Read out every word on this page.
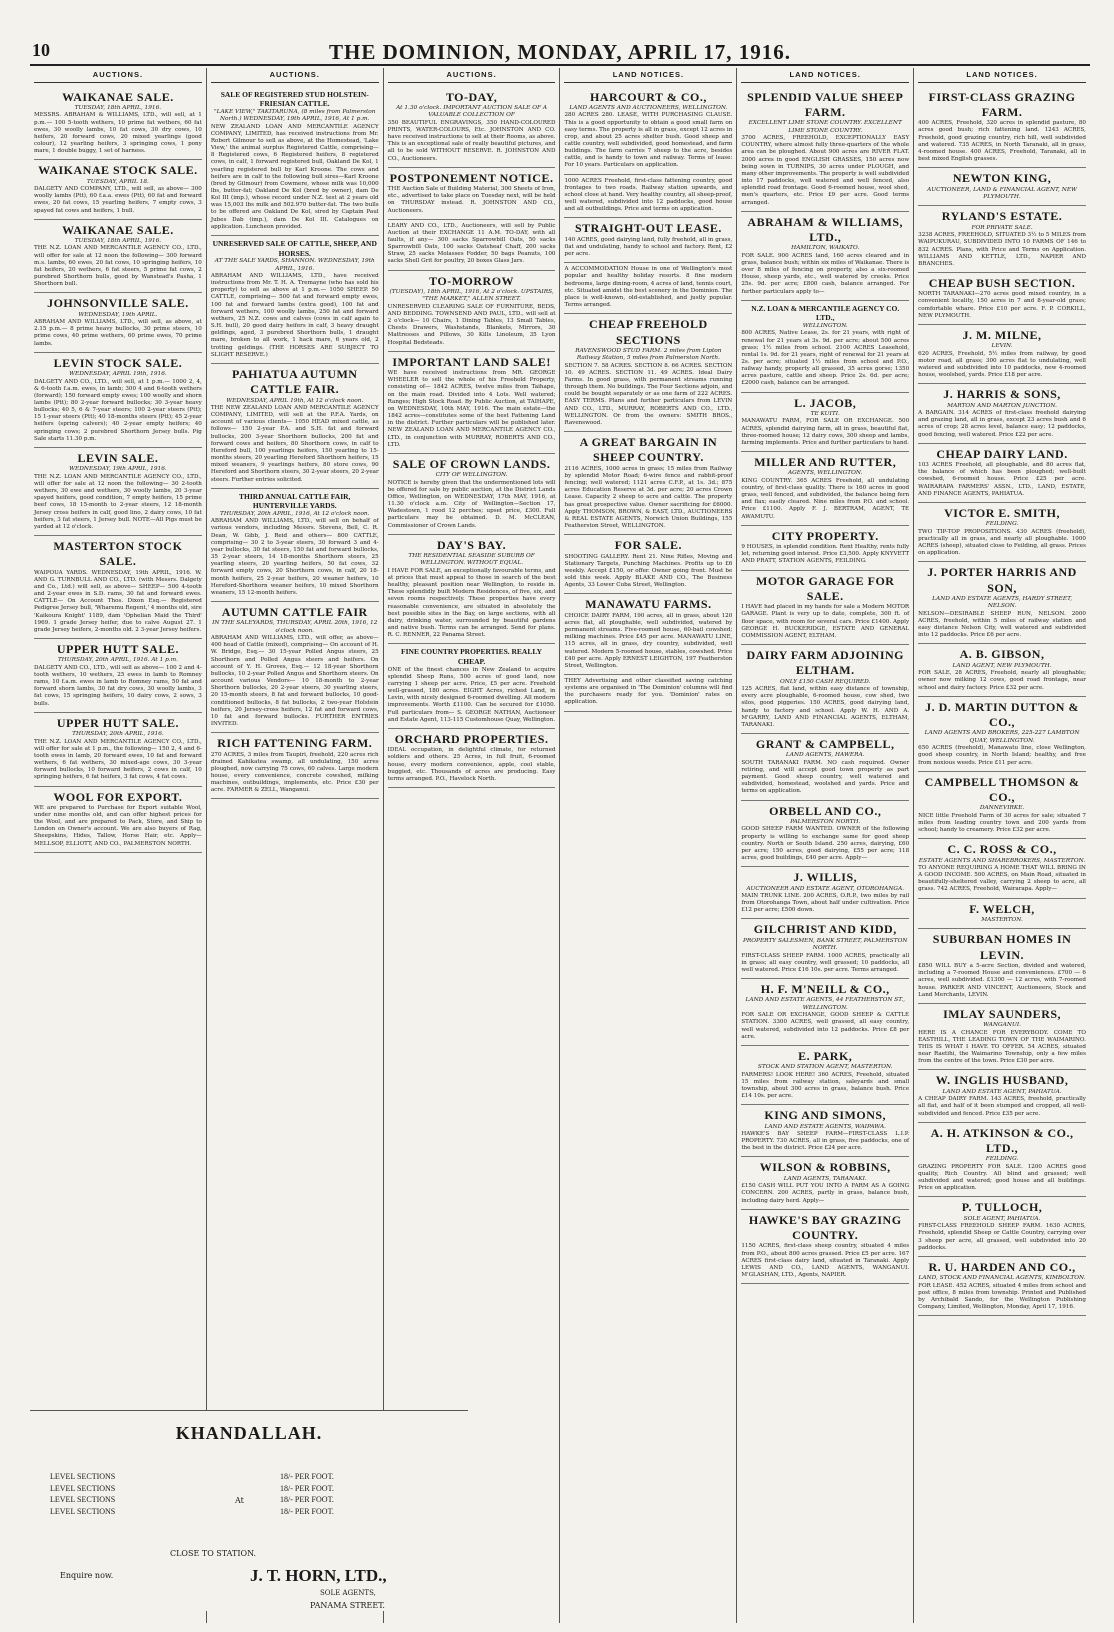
10	THE DOMINION, MONDAY, APRIL 17, 1916.
AUCTIONS.
WAIKANAE SALE.
TUESDAY, 18th APRIL, 1916.
MESSRS. ABRAHAM & WILLIAMS, LTD., will sell, at 1 p.m.— 100 5-tooth wethers, 10 prime fat wethers, 60 fat ewes, 30 woolly lambs, 10 fat cows, 30 dry cows, 10 heifers, 20 forward cows, 20 mixed yearlings (good colour), 12 yearling heifers, 3 springing cows, 1 pony mare, 1 double buggy, 1 set of harness.
WAIKANAE STOCK SALE.
TUESDAY, APRIL 18.
DALGETY AND COMPANY, LTD., will sell, as above— 300 woolly lambs (Ptt), 60 f.a.a. ewes (Ptt), 60 fat and forward ewes, 20 fat cows, 15 yearling heifers, 7 empty cows, 3 spayed fat cows and heifers, 1 bull.
WAIKANAE SALE.
TUESDAY, 18th APRIL, 1916.
THE N.Z. LOAN AND MERCANTILE AGENCY CO., LTD., will offer for sale at 12 noon the following— 300 forward m.s. lambs, 60 ewes, 20 fat cows, 10 springing heifers, 10 fat heifers, 20 wethers, 6 fat steers, 5 prime fat cows, 2 purebred Shorthorn bulls, good by Wanstead's Pasha, 1 Shorthorn bull.
JOHNSONVILLE SALE.
WEDNESDAY, 19th APRIL.
ABRAHAM AND WILLIAMS, LTD., will sell, as above, at 2.15 p.m.— 8 prime heavy bullocks, 30 prime steers, 10 prime cows, 40 prime wethers, 60 prime ewes, 70 prime lambs.
LEVIN STOCK SALE.
WEDNESDAY, APRIL 19th, 1916.
DALGETY AND CO., LTD., will sell, at 1 p.m.— 1000 2, 4, & 6-tooth f.a.m. ewes, in lamb; 300 4 and 6-tooth wethers (forward); 150 forward empty ewes; 100 woolly and shorn lambs (Ptt); 80 2-year forward bullocks; 30 3-year heavy bullocks; 40 5, 6 & 7-year steers; 100 2-year steers (Ptt); 15 1-year steers (Ptt); 40 18-months steers (Ptt); 45 2-year heifers (spring calvers); 40 2-year empty heifers; 40 springing cows; 2 purebred Shorthorn Jersey bulls. Pig Sale starts 11.30 p.m.
LEVIN SALE.
WEDNESDAY, 19th APRIL, 1916.
THE N.Z. LOAN AND MERCANTILE AGENCY CO., LTD., will offer for sale at 12 noon the following— 30 2-tooth wethers, 30 ewe and wethers, 30 woolly lambs, 20 3-year spayed heifers, good condition, 7 empty heifers, 15 prime beef cows, 18 15-month to 2-year steers, 12 18-month Jersey cross heifers in calf, good lino, 2 dairy cows, 10 fat heifers, 3 fat steers, 1 Jersey bull. NOTE—All Pigs must be yarded at 12 o'clock.
MASTERTON STOCK SALE.
WAIPOUA YARDS. WEDNESDAY, 19th APRIL, 1916. W. AND G. TURNBULL AND CO., LTD. (with Messrs. Dalgety and Co., Ltd.) will sell, as above— SHEEP— 500 4-tooth and 2-year ewes in S.D. rams, 30 fat and forward ewes. CATTLE— On Account Thos. Dixon Esq.— Registered Pedigree Jersey bull, 'Wharemu Regent,' 4 months old, sire 'Kaikoura Knight' 1189, dam 'Ophelian Maid the Third' 1969. 1 grade Jersey heifer, due to calve August 27. 1 grade Jersey heifers, 2-months old. 2 3-year Jersey heifers.
UPPER HUTT SALE.
THURSDAY, 20th APRIL, 1916. At 1 p.m.
DALGETY AND CO., LTD., will sell as above— 100 2 and 4-tooth wethers, 10 wethers, 25 ewes in lamb to Romney rams, 10 f.a.m. ewes in lamb to Romney rams, 50 fat and forward shorn lambs, 30 fat dry cows, 30 woolly lambs, 3 fat cows, 15 springing heifers, 10 dairy cows, 2 sows, 3 bulls.
UPPER HUTT SALE.
THURSDAY, 20th APRIL, 1916.
THE N.Z. LOAN AND MERCANTILE AGENCY CO., LTD., will offer for sale at 1 p.m., the following— 150 2, 4 and 6-tooth ewes in lamb, 20 forward ewes, 10 fat and forward wethers, 6 fat wethers, 30 mixed-age cows, 30 3-year forward bullocks, 10 forward heifers, 2 cows in calf, 10 springing heifers, 6 fat heifers, 3 fat cows, 4 fat cows.
WOOL FOR EXPORT.
WE are prepared to Purchase for Export suitable Wool, under nine months old, and can offer highest prices for the Wool, and are prepared to Pack, Store, and Ship to London on Owner's account. We are also buyers of Rag, Sheepskins, Hides, Tallow, Horse Hair, etc. Apply— MELLSOP, ELLIOTT, AND CO., PALMERSTON NORTH.
AUCTIONS.
SALE OF REGISTERED STUD HOLSTEIN-FRIESIAN CATTLE.
"LAKE VIEW," TAKITARUNA, (8 miles from Palmerston North.) WEDNESDAY, 19th APRIL, 1916, At 1 p.m.
NEW ZEALAND LOAN AND MERCANTILE AGENCY COMPANY, LIMITED, has received instructions from Mr. Robert Gilmour to sell as above, at the Homestead, 'Lake View,' the animal surplus Registered Cattle, comprising— 8 Registered cows, 6 Registered heifers, 8 registered cows, in calf, 1 forward registered bull, Oakland De Kol, 1 yearling registered bull by Karl Kroone. The cows and heifers are in calf to the following bull sires—Karl Kroone (bred by Gilmour) from Cowmere, whose milk was 10,000 lbs, butter-fat; Oakland De Kol (bred by owner), dam De Kol III (imp.), whose record under N.Z. test at 2 years old was 15,003 lbs milk and 502.970 butter-fat. The two bulls to be offered are Oakland De Kol, sired by Captain Paul Jubes Dab (imp.), dam De Kol III. Catalogues on application. Luncheon provided.
UNRESERVED SALE OF CATTLE, SHEEP, AND HORSES.
AT THE SALE YARDS, SHANNON. WEDNESDAY, 19th APRIL, 1916.
ABRAHAM AND WILLIAMS, LTD., have received instructions from Mr. T. H. A. Tremayne (who has sold his property) to sell as above at 1 p.m.— 1050 SHEEP. 50 CATTLE, comprising— 500 fat and forward empty ewes, 100 fat and forward lambs (extra good), 100 fat and forward wethers, 100 woolly lambs, 250 fat and forward wethers, 25 N.Z. cows and calves (cows in calf again to S.H. bull), 20 good dairy heifers in calf, 3 heavy draught geldings, aged, 3 purebred Shorthorn bulls, 1 draught mare, broken to all work, 1 hack mare, 6 years old, 2 trotting geldings. (THE HORSES ARE SUBJECT TO SLIGHT RESERVE.)
PAHIATUA AUTUMN CATTLE FAIR.
WEDNESDAY, APRIL 19th, At 12 o'clock noon.
THE NEW ZEALAND LOAN AND MERCANTILE AGENCY COMPANY, LIMITED, will sell at the P.F.A. Yards, on account of various clients— 1050 HEAD mixed cattle, as follows— 150 2-year P.A. and S.H. fat and forward bullocks, 200 3-year Shorthorn bullocks, 200 fat and forward cows and heifers, 80 Shorthorn cows, in calf to Hereford bull, 100 yearlings heifers, 150 yearling to 15-months steers, 20 yearling Hereford Shorthorn heifers, 15 mixed weaners, 9 yearlings heifers, 80 store cows, 90 Hereford and Shorthorn steers, 30 2-year steers, 20 2-year steers. Further entries solicited.
THIRD ANNUAL CATTLE FAIR, HUNTERVILLE YARDS.
THURSDAY, 20th APRIL, 1916, At 12 o'clock noon.
ABRAHAM AND WILLIAMS, LTD., will sell on behalf of various vendors, including Messrs. Stevens, Bell, C. R. Dean, W. Gibb, J. Reid and others— 800 CATTLE, comprising— 30 2 to 3-year steers, 30 forward 3 and 4-year bullocks, 30 fat steers, 150 fat and forward bullocks, 35 2-year steers, 14 18-months Shorthorn steers, 25 yearling steers, 20 yearling heifers, 50 fat cows, 32 forward empty cows, 20 Shorthorn cows, in calf, 20 18-month heifers, 25 2-year heifers, 20 weaner heifers, 10 Hereford-Shorthorn weaner heifers, 10 mixed Shorthorn weaners, 15 12-month heifers.
AUTUMN CATTLE FAIR
IN THE SALEYARDS, THURSDAY, APRIL 20th, 1916, 12 o'clock noon.
ABRAHAM AND WILLIAMS, LTD., will offer, as above— 400 head of Cattle (mixed), comprising— On account of H. W. Bridge, Esq.— 30 15-year Polled Angus steers, 25 Shorthorn and Polled Angus steers and heifers. On account of Y. H. Groves, Esq.— 12 18-year Shorthorn bullocks, 10 2-year Polled Angus and Shorthorn steers. On account various Vendors— 10 18-month to 2-year Shorthorn bullocks, 20 2-year steers, 30 yearling steers, 20 15-month steers, 8 fat and forward bullocks, 10 good-conditioned bullocks, 8 fat bullocks, 2 two-year Holstein heifers, 20 Jersey-cross heifers, 12 fat and forward cows, 10 fat and forward bullocks. FURTHER ENTRIES INVITED.
RICH FATTENING FARM.
270 ACRES, 3 miles from Taupiri, freehold, 220 acres rich drained Kahikatea swamp, all undulating, 150 acres ploughed, now carrying 75 cows, 60 calves. Large modern house, every convenience, concrete cowshed, milking machines, outbuildings, implements, etc. Price £30 per acre. FARMER & ZELL, Wanganui.
AUCTIONS.
TO-DAY,
At 1.30 o'clock. IMPORTANT AUCTION SALE OF A VALUABLE COLLECTION OF
350 BEAUTIFUL ENGRAVINGS, 350 HAND-COLOURED PRINTS, WATER-COLOURS, Etc. JOHNSTON AND CO. have received instructions to sell at their Rooms, as above. This is an exceptional sale of really beautiful pictures, and all to be sold WITHOUT RESERVE. R. JOHNSTON AND CO., Auctioneers.
POSTPONEMENT NOTICE.
THE Auction Sale of Building Material, 300 Sheets of Iron, etc., advertised to take place on Tuesday next, will be held on THURSDAY instead. R. JOHNSTON AND CO., Auctioneers.
LEARY AND CO., LTD., Auctioneers, will sell by Public Auction at their EXCHANGE 11 A.M. TO-DAY, with all faults, if any— 300 sacks Sparrowbill Oats, 50 sacks Sparrowbill Oats, 100 sacks Oatsheaf Chaff, 200 sacks Straw, 25 sacks Molasses Fodder, 50 bags Peanuts, 100 sacks Shell Grit for poultry, 20 boxes Glass Jars.
TO-MORROW
(TUESDAY), 18th APRIL, 1916, At 2 o'clock. UPSTAIRS, "THE MARKET," ALLEN STREET.
UNRESERVED CLEARING SALE OF FURNITURE, BEDS, AND BEDDING. TOWNSEND AND PAUL, LTD., will sell at 2 o'clock— 10 Chairs, 1 Dining Tables, 13 Small Tables, Chests Drawers, Washstands, Blankets, Mirrors, 30 Mattresses and Pillows, 30 Kills Linoleum, 35 Lyon Hospital Bedsteads.
IMPORTANT LAND SALE!
WE have received instructions from MR. GEORGE WHEELER to sell the whole of his Freehold Property, consisting of— 1842 ACRES, twelve miles from Taihape, on the main road. Divided into 4 Lots. Well watered; Ranges; High Stock Road. By Public Auction, at TAIHAPE, on WEDNESDAY, 10th MAY, 1916. The main estate—the 1842 acres—constitutes some of the best Fattening Land in the district. Further particulars will be published later. NEW ZEALAND LOAN AND MERCANTILE AGENCY CO., LTD., in conjunction with MURRAY, ROBERTS AND CO., LTD.
SALE OF CROWN LANDS.
CITY OF WELLINGTON.
NOTICE is hereby given that the undermentioned lots will be offered for sale by public auction, at the District Lands Office, Wellington, on WEDNESDAY, 17th MAY, 1916, at 11.30 o'clock a.m. City of Wellington—Section 17, Wadestown, 1 rood 12 perches; upset price, £300. Full particulars may be obtained. D. M. McCLEAN, Commissioner of Crown Lands.
DAY'S BAY.
THE RESIDENTIAL SEASIDE SUBURB OF WELLINGTON. WITHOUT EQUAL.
I HAVE FOR SALE, an exceptionally favourable terms, and at prices that must appeal to those in search of the best healthy, pleasant position near Wellington, to reside in. These splendidly built Modern Residences, of five, six, and seven rooms respectively. These properties have every reasonable convenience, are situated in absolutely the best possible sites in the Bay, on large sections, with all dairy, drinking water, surrounded by beautiful gardens and native bush. Terms can be arranged. Send for plans. R. C. RENNER, 22 Panama Street.
FINE COUNTRY PROPERTIES. REALLY CHEAP.
ONE of the finest chances in New Zealand to acquire splendid Sheep Runs, 500 acres of good land, now carrying 1 sheep per acre. Price, £5 per acre. Freehold well-grassed, 180 acres. EIGHT Acres, richest Land, in Levin, with nicely designed 6-roomed dwelling. All modern improvements. Worth £1100. Can be secured for £1050. Full particulars from— S. GEORGE NATHAN, Auctioneer and Estate Agent, 113-115 Customhouse Quay, Wellington.
ORCHARD PROPERTIES.
IDEAL occupation, in delightful climate, for returned soldiers and others. 25 Acres, in full fruit, 6-roomed house, every modern convenience, apple, cool stable, buggied, etc. Thousands of acres are producing. Easy terms arranged. P.O., Havelock North.
LAND NOTICES.
HARCOURT & CO.,
LAND AGENTS AND AUCTIONEERS, WELLINGTON.
280 ACRES 280. LEASE, WITH PURCHASING CLAUSE. This is a good opportunity to obtain a good small farm on easy terms. The property is all in grass, except 12 acres in crop, and about 25 acres shelter bush. Good sheep and cattle country, well subdivided, good homestead, and farm buildings. The farm carries 7 sheep to the acre, besides cattle, and is handy to town and railway. Terms of lease: For 10 years. Particulars on application.
1000 ACRES Freehold, first-class fattening country, good frontages to two roads. Railway station upwards, and school close at hand. Very healthy country, all sheep-proof, well watered, subdivided into 12 paddocks, good house and all outbuildings. Price and terms on application.
STRAIGHT-OUT LEASE.
140 ACRES, good dairying land, fully freehold, all in grass, flat and undulating, handy to school and factory. Rent, £2 per acre.
A ACCOMMODATION House in one of Wellington's most popular and healthy holiday resorts. 8 fine modern bedrooms, large dining-room, 4 acres of land, tennis court, etc. Situated amidst the best scenery in the Dominion. The place is well-known, old-established, and justly popular. Terms arranged.
CHEAP FREEHOLD SECTIONS
RAVENSWOOD STUD FARM. 2 miles from Lipton Railway Station, 5 miles from Palmerston North.
SECTION 7. 58 ACRES. SECTION 8. 66 ACRES. SECTION 10. 49 ACRES. SECTION 11. 49 ACRES. Ideal Dairy Farms. In good grass, with permanent streams running through them. No buildings. The Four Sections adjoin, and could be bought separately or as one farm of 222 ACRES. EASY TERMS. Plans and further particulars from LEVIN AND CO., LTD., MURRAY, ROBERTS AND CO., LTD., WELLINGTON. Or from the owners: SMITH BROS., Ravenswood.
A GREAT BARGAIN IN SHEEP COUNTRY.
2116 ACRES, 1000 acres in grass; 15 miles from Railway by splendid Motor Road; 6-wire fence and rabbit-proof fencing; well watered; 1121 acres C.F.P., at 1s. 3d.; 875 acres Education Reserve at 3d. per acre; 20 acres Crown Lease. Capacity 2 sheep to acre and cattle. The property has great prospective value. Owner sacrificing for £6000. Apply THOMSON, BROWN, & EAST, LTD., AUCTIONEERS & REAL ESTATE AGENTS, Norwich Union Buildings, 155 Featherston Street, WELLINGTON.
FOR SALE.
SHOOTING GALLERY. Rent 21. Nine Rifles, Moving and Stationary Targets, Punching Machines. Profits up to £6 weekly. Accept £150, or offer. Owner going front. Must be sold this week. Apply BLAKE AND CO., The Business Agents, 33 Lower Cuba Street, Wellington.
MANAWATU FARMS.
CHOICE DAIRY FARM, 190 acres, all in grass, about 120 acres flat, all ploughable, well subdivided, watered by permanent streams. Five-roomed house, 60-bail cowshed; milking machines. Price £45 per acre. MANAWATU LINE, 115 acres, all in grass, dry country, subdivided, well watered. Modern 5-roomed house, stables, cowshed. Price £40 per acre. Apply ERNEST LEIGHTON, 197 Featherston Street, Wellington.
THEY Advertising and other classified saving catching systems are organised in 'The Dominion' columns will find the purchasers ready for you. 'Dominion' rates on application.
LAND NOTICES.
SPLENDID VALUE SHEEP FARM.
EXCELLENT LIME STONE COUNTRY. EXCELLENT LIME STONE COUNTRY.
3700 ACRES, FREEHOLD, EXCEPTIONALLY EASY COUNTRY, where almost fully three-quarters of the whole area can be ploughed. About 900 acres are RIVER FLAT. 2000 acres in good ENGLISH GRASSES, 150 acres now being sown in TURNIPS, 30 acres under PLOUGH, and many other improvements. The property is well subdivided into 17 paddocks, well watered and well fenced, also splendid road frontage. Good 6-roomed house, wool shed, men's quarters, etc. Price £9 per acre. Good terms arranged.
ABRAHAM & WILLIAMS, LTD.,
HAMILTON, WAIKATO.
FOR SALE. 900 ACRES land, 160 acres cleared and in grass, balance bush; within six miles of Waikanae. There is over 8 miles of fencing on property, also a six-roomed House, sheep yards, etc., well watered by creeks. Price 25s. 9d. per acre; £800 cash, balance arranged. For further particulars apply to—
N.Z. LOAN & MERCANTILE AGENCY CO. LTD.,
WELLINGTON.
800 ACRES, Native Lease, 2s. for 21 years, with right of renewal for 21 years at 3s. 9d. per acre; about 500 acres grass; 1½ miles from school. 2100 ACRES Leasehold, rental 1s. 9d. for 21 years, right of renewal for 21 years at 2s. per acre; situated 1½ miles from school and P.O., railway handy, property all grassed, 35 acres gorse; 1350 acres pasture, cattle and sheep. Price 2s. 6d. per acre; £2000 cash, balance can be arranged.
L. JACOB,
TE KUITI.
MANAWATU FARM, FOR SALE OR EXCHANGE. 500 ACRES, splendid dairying farm, all in grass, beautiful flat, three-roomed house; 12 dairy cows, 300 sheep and lambs, farming implements. Price and further particulars to hand.
MILLER AND RUTTER,
AGENTS, WELLINGTON.
KING COUNTRY. 365 ACRES Freehold, all undulating country, of first-class quality. There is 160 acres in good grass, well fenced, and subdivided, the balance being fern and flax; easily cleared. Nine miles from P.O. and school. Price £1100. Apply F. J. BERTRAM, AGENT, TE AWAMUTU.
CITY PROPERTY.
9 HOUSES, in splendid condition. Rent Healthy, rents fully let, returning good interest. Price £3,500. Apply KNYVETT AND PRATT, STATION AGENTS, FEILDING.
MOTOR GARAGE FOR SALE.
I HAVE had placed in my hands for sale a Modern MOTOR GARAGE. Plant is very up to date, complete, 300 ft. of floor space, with room for several cars. Price £1400. Apply GEORGE H. BUCKERIDGE, ESTATE AND GENERAL COMMISSION AGENT, ELTHAM.
DAIRY FARM ADJOINING ELTHAM.
ONLY £150 CASH REQUIRED.
125 ACRES, flat land, within easy distance of township, every acre ploughable, 6-roomed house, cow shed, two silos, good piggeries. 150 ACRES, good dairying land, handy to factory and school. Apply W. H. AND A. M'GARRY, LAND AND FINANCIAL AGENTS, ELTHAM, TARANAKI.
GRANT & CAMPBELL,
LAND AGENTS, HAWERA.
SOUTH TARANAKI FARM. NO cash required. Owner retiring, and will accept good town property as part payment. Good sheep country, well watered and subdivided, homestead, woolshed and yards. Price and terms on application.
ORBELL AND CO.,
PALMERSTON NORTH.
GOOD SHEEP FARM WANTED. OWNER of the following property is willing to exchange same for good sheep country. North or South Island. 250 acres, dairying, £60 per acre; 150 acres, good dairying, £55 per acre; 118 acres, good buildings, £40 per acre. Apply—
J. WILLIS,
AUCTIONEER AND ESTATE AGENT, OTOROHANGA.
MAIN TRUNK LINE. 200 ACRES, O.R.P., two miles by rail from Otorohanga Town, about half under cultivation. Price £12 per acre; £500 down.
GILCHRIST AND KIDD,
PROPERTY SALESMEN, BANK STREET, PALMERSTON NORTH.
FIRST-CLASS SHEEP FARM. 1000 ACRES, practically all in grass; all easy country, well grassed; 10 paddocks, all well watered. Price £16 10s. per acre. Terms arranged.
H. F. M'NEILL & CO.,
LAND AND ESTATE AGENTS, 44 FEATHERSTON ST., WELLINGTON.
FOR SALE OR EXCHANGE, GOOD SHEEP & CATTLE STATION. 3300 ACRES, well grassed, all easy country, well watered, subdivided into 12 paddocks. Price £8 per acre.
E. PARK,
STOCK AND STATION AGENT, MASTERTON.
FARMERS! LOOK HERE! 360 ACRES, Freehold, situated 15 miles from railway station, saleyards and small township, about 300 acres in grass, balance bush. Price £14 10s. per acre.
KING AND SIMONS,
LAND AND ESTATE AGENTS, WAIPAWA.
HAWKE'S BAY SHEEP FARM—FIRST-CLASS L.I.P. PROPERTY. 730 ACRES, all in grass, five paddocks, one of the best in the district. Price £24 per acre.
WILSON & ROBBINS,
LAND AGENTS, TARANAKI.
£150 CASH WILL PUT YOU INTO A FARM AS A GOING CONCERN. 200 ACRES, partly in grass, balance bush, including dairy herd. Apply—
HAWKE'S BAY GRAZING COUNTRY.
1150 ACRES, first-class sheep country, situated 4 miles from P.O., about 800 acres grassed. Price £5 per acre. 167 ACRES first-class dairy land, situated in Taranaki. Apply LEWIS AND CO., LAND AGENTS, WANGANUI. M'GLASHAN, LTD., Agents, NAPIER.
LAND NOTICES.
FIRST-CLASS GRAZING FARM.
400 ACRES, Freehold, 320 acres in splendid pasture, 80 acres good bush; rich fattening land. 1243 ACRES, Freehold, good grazing country, rich hill, well subdivided and watered. 735 ACRES, in North Taranaki, all in grass, 4-roomed house. 400 ACRES, Freehold, Taranaki, all in best mixed English grasses.
NEWTON KING,
AUCTIONEER, LAND & FINANCIAL AGENT, NEW PLYMOUTH.
RYLAND'S ESTATE.
FOR PRIVATE SALE.
3238 ACRES, FREEHOLD, SITUATED 3½ to 5 MILES from WAIPUKURAU, SUBDIVIDED INTO 10 FARMS OF 146 to 832 ACRES. Plans, with Price and Terms on Application. WILLIAMS AND KETTLE, LTD., NAPIER AND BRANCHES.
CHEAP BUSH SECTION.
NORTH TARANAKI—270 acres good mixed country, in a convenient locality, 150 acres in 7 and 8-year-old grass; comfortable whare. Price £10 per acre. F. P. CORKILL, NEW PLYMOUTH.
J. M. MILNE,
LEVIN.
620 ACRES, Freehold, 5½ miles from railway, by good motor road, all grass; 300 acres flat to undulating, well watered and subdivided into 10 paddocks, new 4-roomed house, woolshed, yards. Price £18 per acre.
J. HARRIS & SONS,
MARTON AND MARTON JUNCTION.
A BARGAIN. 314 ACRES of first-class freehold dairying and grazing land, all in grass, except 23 acres bush and 6 acres of crop; 28 acres level, balance easy; 12 paddocks, good fencing, well watered. Price £22 per acre.
CHEAP DAIRY LAND.
103 ACRES Freehold, all ploughable, and 80 acres flat, the balance of which has been ploughed; well-built cowshed, 6-roomed house. Price £25 per acre. WAIRARAPA FARMERS' ASSN., LTD., LAND, ESTATE, AND FINANCE AGENTS, PAHIATUA.
VICTOR E. SMITH,
FEILDING.
TWO TIP-TOP PROPOSITIONS. 430 ACRES (freehold), practically all in grass, and nearly all ploughable. 1000 ACRES (sheep), situated close to Feilding, all grass. Prices on application.
J. PORTER HARRIS AND SON,
LAND AND ESTATE AGENTS, HARDY STREET, NELSON.
NELSON—DESIRABLE SHEEP RUN, NELSON. 2000 ACRES, freehold, within 5 miles of railway station and easy distance Nelson City, well watered and subdivided into 12 paddocks. Price £6 per acre.
A. B. GIBSON,
LAND AGENT, NEW PLYMOUTH.
FOR SALE, 28 ACRES, Freehold, nearly all ploughable; owner now milking 12 cows, good road frontage, near school and dairy factory. Price £32 per acre.
J. D. MARTIN DUTTON & CO.,
LAND AGENTS AND BROKERS, 225-227 LAMBTON QUAY, WELLINGTON.
650 ACRES (freehold), Manawatu line, close Wellington, good sheep country, in North Island; healthy, and free from noxious weeds. Price £11 per acre.
CAMPBELL THOMSON & CO.,
DANNEVIRKE.
NICE little Freehold Farm of 30 acres for sale; situated 7 miles from leading country town and 200 yards from school; handy to creamery. Price £32 per acre.
C. C. ROSS & CO.,
ESTATE AGENTS AND SHAREBROKERS, MASTERTON.
TO ANYONE REQUIRING A HOME THAT WILL BRING IN A GOOD INCOME. 500 ACRES, on Main Road, situated in beautifully-sheltered valley, carrying 2 sheep to acre, all grass. 742 ACRES, Freehold, Wairarapa. Apply—
F. WELCH,
MASTERTON.
SUBURBAN HOMES IN LEVIN.
£850 WILL BUY a 5-acre Section, divided and watered, including a 7-roomed House and conveniences. £700 — 6 acres, well subdivided. £1300 — 12 acres, with 7-roomed house. PARKER AND VINCENT, Auctioneers, Stock and Land Merchants, LEVIN.
IMLAY SAUNDERS,
WANGANUI.
HERE IS A CHANCE FOR EVERYBODY. COME TO EASTHILL, THE LEADING TOWN OF THE WAIMARINO. THIS IS WHAT I HAVE TO OFFER. 54 ACRES, situated near Raetihi, the Waimarino Township, only a few miles from the centre of the town. Price £30 per acre.
W. INGLIS HUSBAND,
LAND AND ESTATE AGENT, PAHIATUA.
A CHEAP DAIRY FARM. 143 ACRES, freehold, practically all flat, and half of it been stumped and cropped, all well-subdivided and fenced. Price £35 per acre.
A. H. ATKINSON & CO., LTD.,
FEILDING.
GRAZING PROPERTY FOR SALE. 1200 ACRES good quality, Rich Country. All blind and grassed; well subdivided and watered; good house and all buildings. Price on application.
P. TULLOCH,
SOLE AGENT, PAHIATUA.
FIRST-CLASS FREEHOLD SHEEP FARM. 1630 ACRES, Freehold, splendid Sheep or Cattle Country, carrying over 3 sheep per acre, all grassed, well subdivided into 20 paddocks.
R. U. HARDEN AND CO.,
LAND, STOCK AND FINANCIAL AGENTS, KIMBOLTON.
FOR LEASE. 452 ACRES, situated 4 miles from school and post office, 8 miles from township. Printed and Published by Archibald Sando, for the Wellington Publishing Company, Limited, Wellington, Monday, April 17, 1916.
KHANDALLAH.
LEVEL SECTIONS
LEVEL SECTIONS
LEVEL SECTIONS
LEVEL SECTIONS
At
18/- PER FOOT.
18/- PER FOOT.
18/- PER FOOT.
18/- PER FOOT.
CLOSE TO STATION.
Enquire now.	J. T. HORN, LTD.,
SOLE AGENTS,
PANAMA STREET.
